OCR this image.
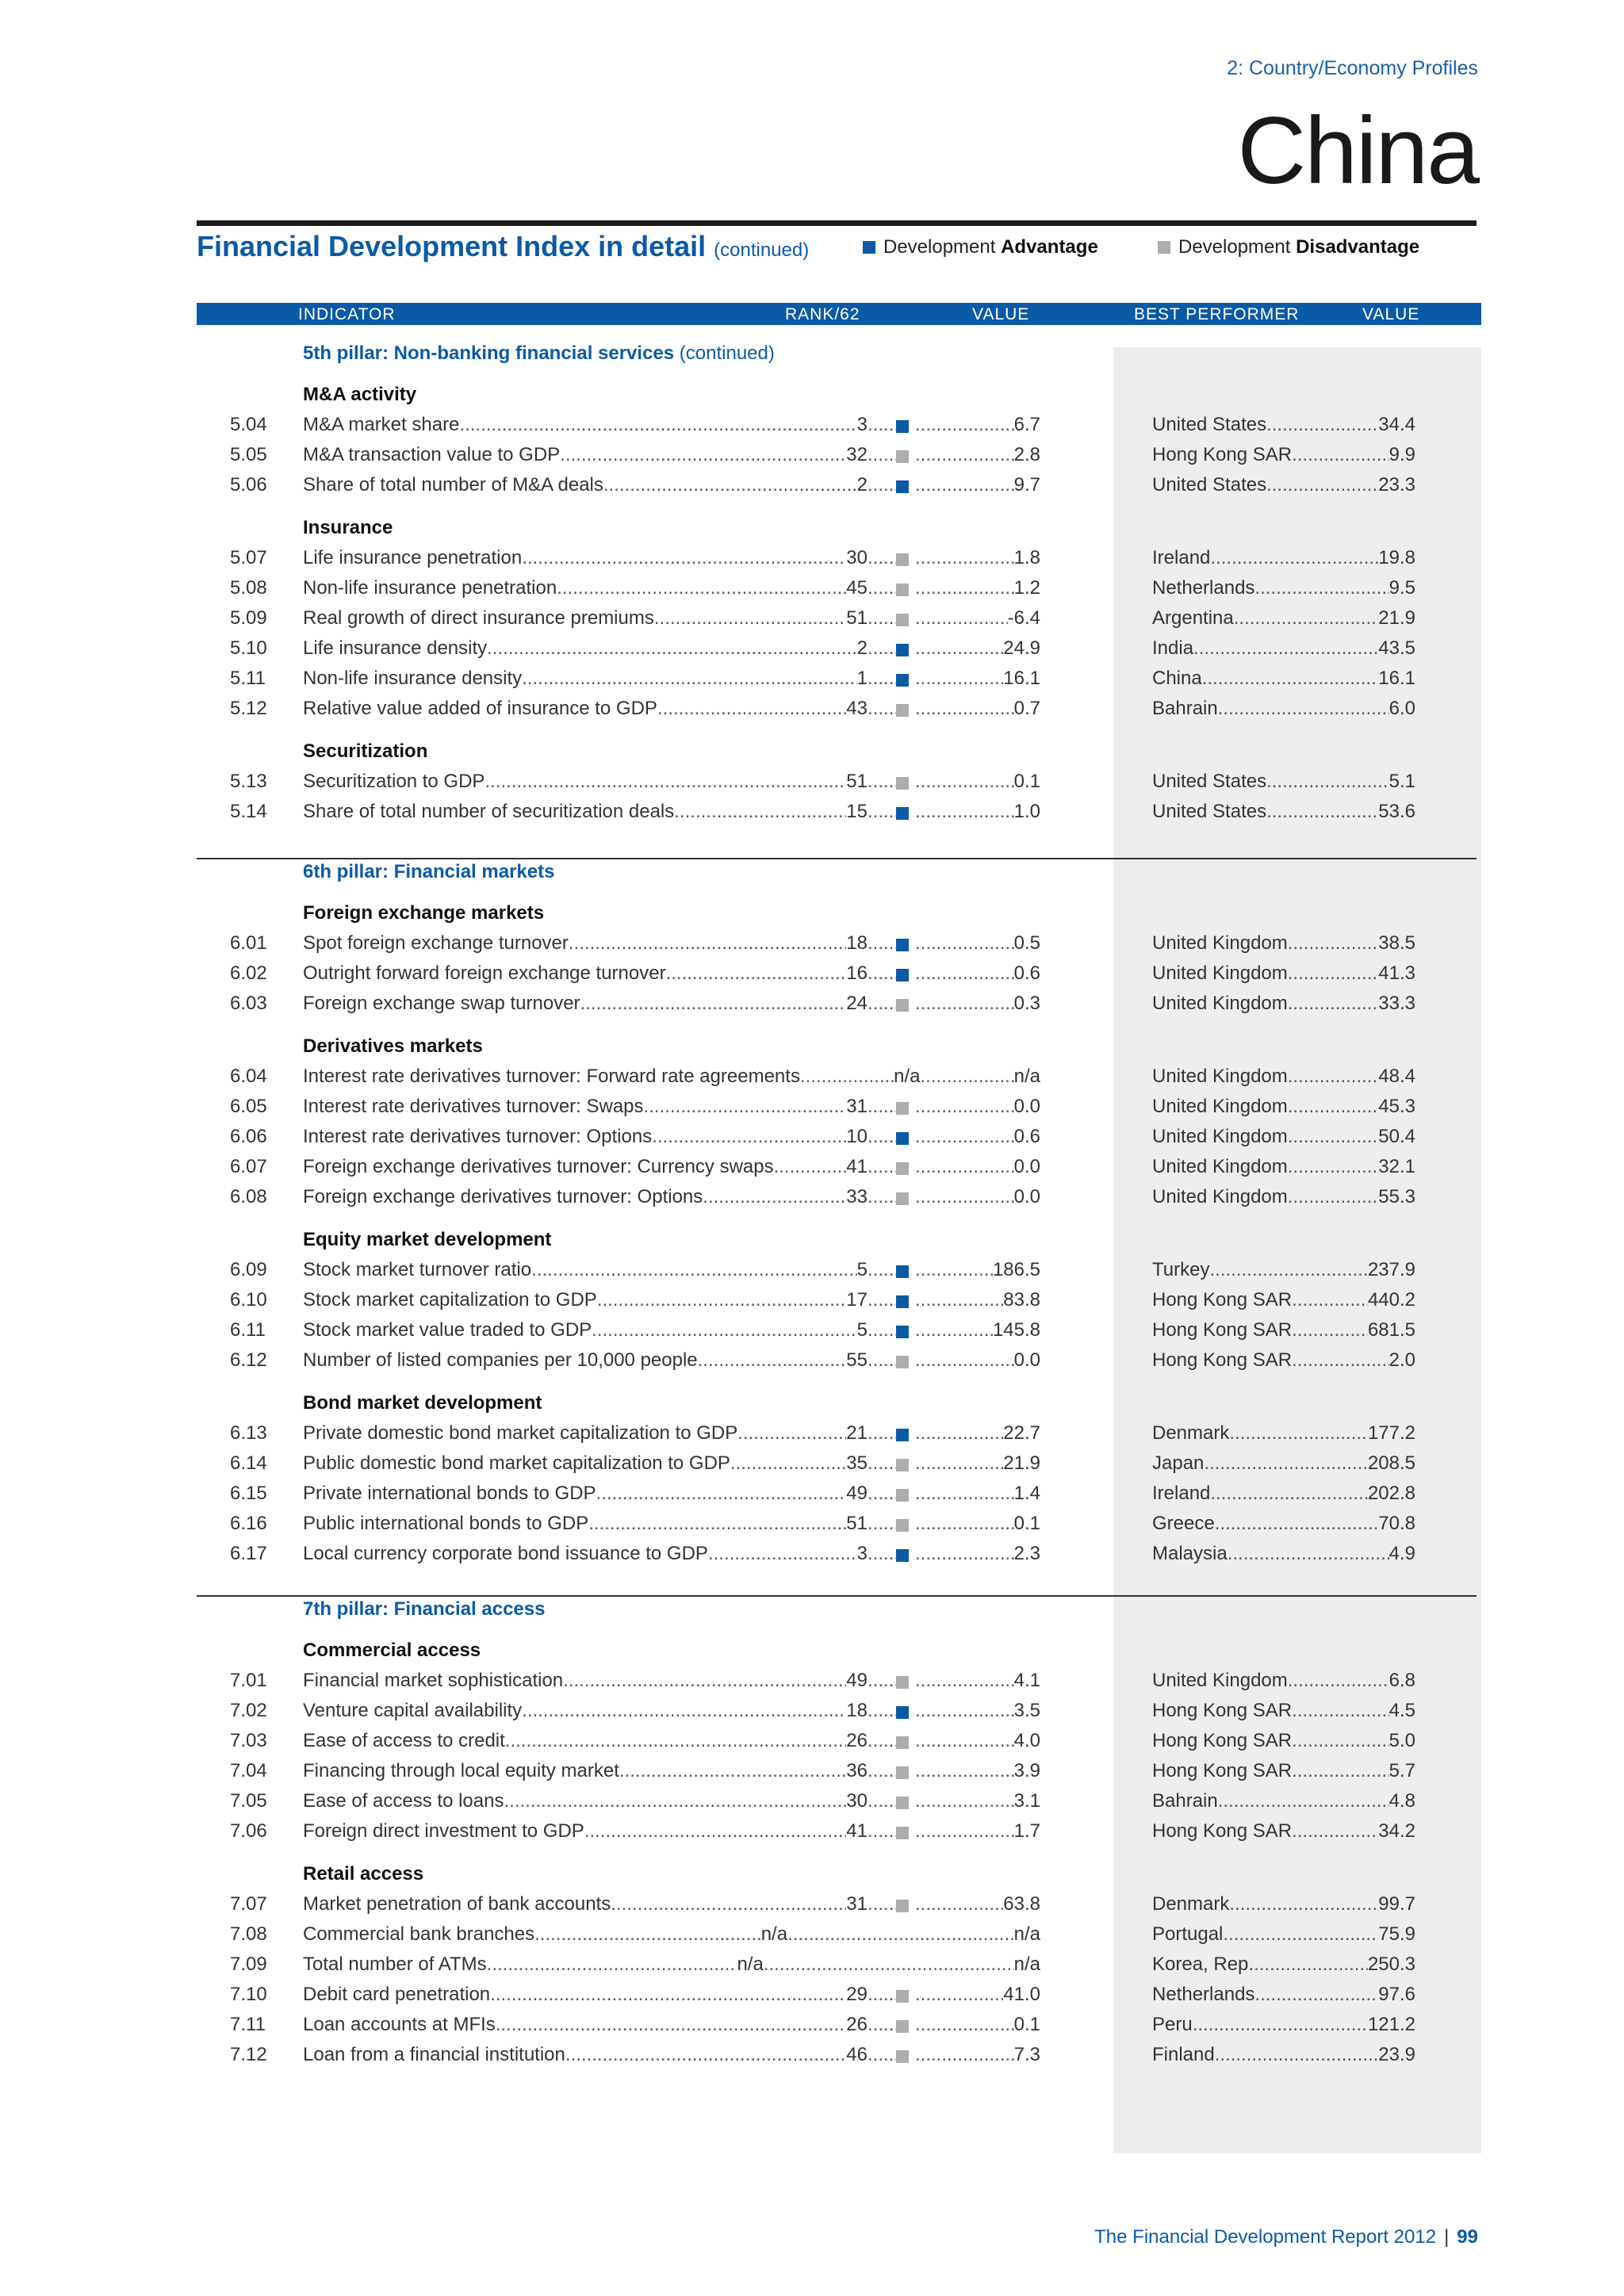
2: Country/Economy Profiles
China
Financial Development Index in detail (continued)	Development Advantage	Development Disadvantage
INDICATOR	RANK/62	VALUE	BEST PERFORMER	VALUE
5th pillar: Non-banking financial services (continued)
M&A activity
5.04 M&A market share .....	3 ..... .....	6.7	United States .....	34.4
5.05 M&A transaction value to GDP .....	32 ..... .....	2.8	Hong Kong SAR .....	9.9
5.06 Share of total number of M&A deals .....	2 ..... .....	9.7	United States .....	23.3
Insurance
5.07 Life insurance penetration .....	30 ..... .....	1.8	Ireland .....	19.8
5.08 Non-life insurance penetration .....	45 ..... .....	1.2	Netherlands .....	9.5
5.09 Real growth of direct insurance premiums .....	51 ..... .....	-6.4	Argentina .....	21.9
5.10 Life insurance density .....	2 ..... .....	24.9	India .....	43.5
5.11 Non-life insurance density .....	1 ..... .....	16.1	China .....	16.1
5.12 Relative value added of insurance to GDP .....	43 ..... .....	0.7	Bahrain .....	6.0
Securitization
5.13 Securitization to GDP .....	51 ..... .....	0.1	United States .....	5.1
5.14 Share of total number of securitization deals .....	15 ..... .....	1.0	United States .....	53.6
6th pillar: Financial markets
Foreign exchange markets
6.01 Spot foreign exchange turnover .....	18 ..... .....	0.5	United Kingdom .....	38.5
6.02 Outright forward foreign exchange turnover .....	16 ..... .....	0.6	United Kingdom .....	41.3
6.03 Foreign exchange swap turnover .....	24 ..... .....	0.3	United Kingdom .....	33.3
Derivatives markets
6.04 Interest rate derivatives turnover: Forward rate agreements .....	n/a .....	n/a	United Kingdom .....	48.4
6.05 Interest rate derivatives turnover: Swaps .....	31 ..... .....	0.0	United Kingdom .....	45.3
6.06 Interest rate derivatives turnover: Options .....	10 ..... .....	0.6	United Kingdom .....	50.4
6.07 Foreign exchange derivatives turnover: Currency swaps .....	41 ..... .....	0.0	United Kingdom .....	32.1
6.08 Foreign exchange derivatives turnover: Options .....	33 ..... .....	0.0	United Kingdom .....	55.3
Equity market development
6.09 Stock market turnover ratio .....	5 ..... .....	186.5	Turkey .....	237.9
6.10 Stock market capitalization to GDP .....	17 ..... .....	83.8	Hong Kong SAR .....	440.2
6.11 Stock market value traded to GDP .....	5 ..... .....	145.8	Hong Kong SAR .....	681.5
6.12 Number of listed companies per 10,000 people .....	55 ..... .....	0.0	Hong Kong SAR .....	2.0
Bond market development
6.13 Private domestic bond market capitalization to GDP .....	21 ..... .....	22.7	Denmark .....	177.2
6.14 Public domestic bond market capitalization to GDP .....	35 ..... .....	21.9	Japan .....	208.5
6.15 Private international bonds to GDP .....	49 ..... .....	1.4	Ireland .....	202.8
6.16 Public international bonds to GDP .....	51 ..... .....	0.1	Greece .....	70.8
6.17 Local currency corporate bond issuance to GDP .....	3 ..... .....	2.3	Malaysia .....	4.9
7th pillar: Financial access
Commercial access
7.01 Financial market sophistication .....	49 ..... .....	4.1	United Kingdom .....	6.8
7.02 Venture capital availability .....	18 ..... .....	3.5	Hong Kong SAR .....	4.5
7.03 Ease of access to credit .....	26 ..... .....	4.0	Hong Kong SAR .....	5.0
7.04 Financing through local equity market .....	36 ..... .....	3.9	Hong Kong SAR .....	5.7
7.05 Ease of access to loans .....	30 ..... .....	3.1	Bahrain .....	4.8
7.06 Foreign direct investment to GDP .....	41 ..... .....	1.7	Hong Kong SAR .....	34.2
Retail access
7.07 Market penetration of bank accounts .....	31 ..... .....	63.8	Denmark .....	99.7
7.08 Commercial bank branches .....	n/a .....	n/a	Portugal .....	75.9
7.09 Total number of ATMs .....	n/a .....	n/a	Korea, Rep. .....	250.3
7.10 Debit card penetration .....	29 ..... .....	41.0	Netherlands .....	97.6
7.11 Loan accounts at MFIs .....	26 ..... .....	0.1	Peru .....	121.2
7.12 Loan from a financial institution .....	46 ..... .....	7.3	Finland .....	23.9
The Financial Development Report 2012 | 99
